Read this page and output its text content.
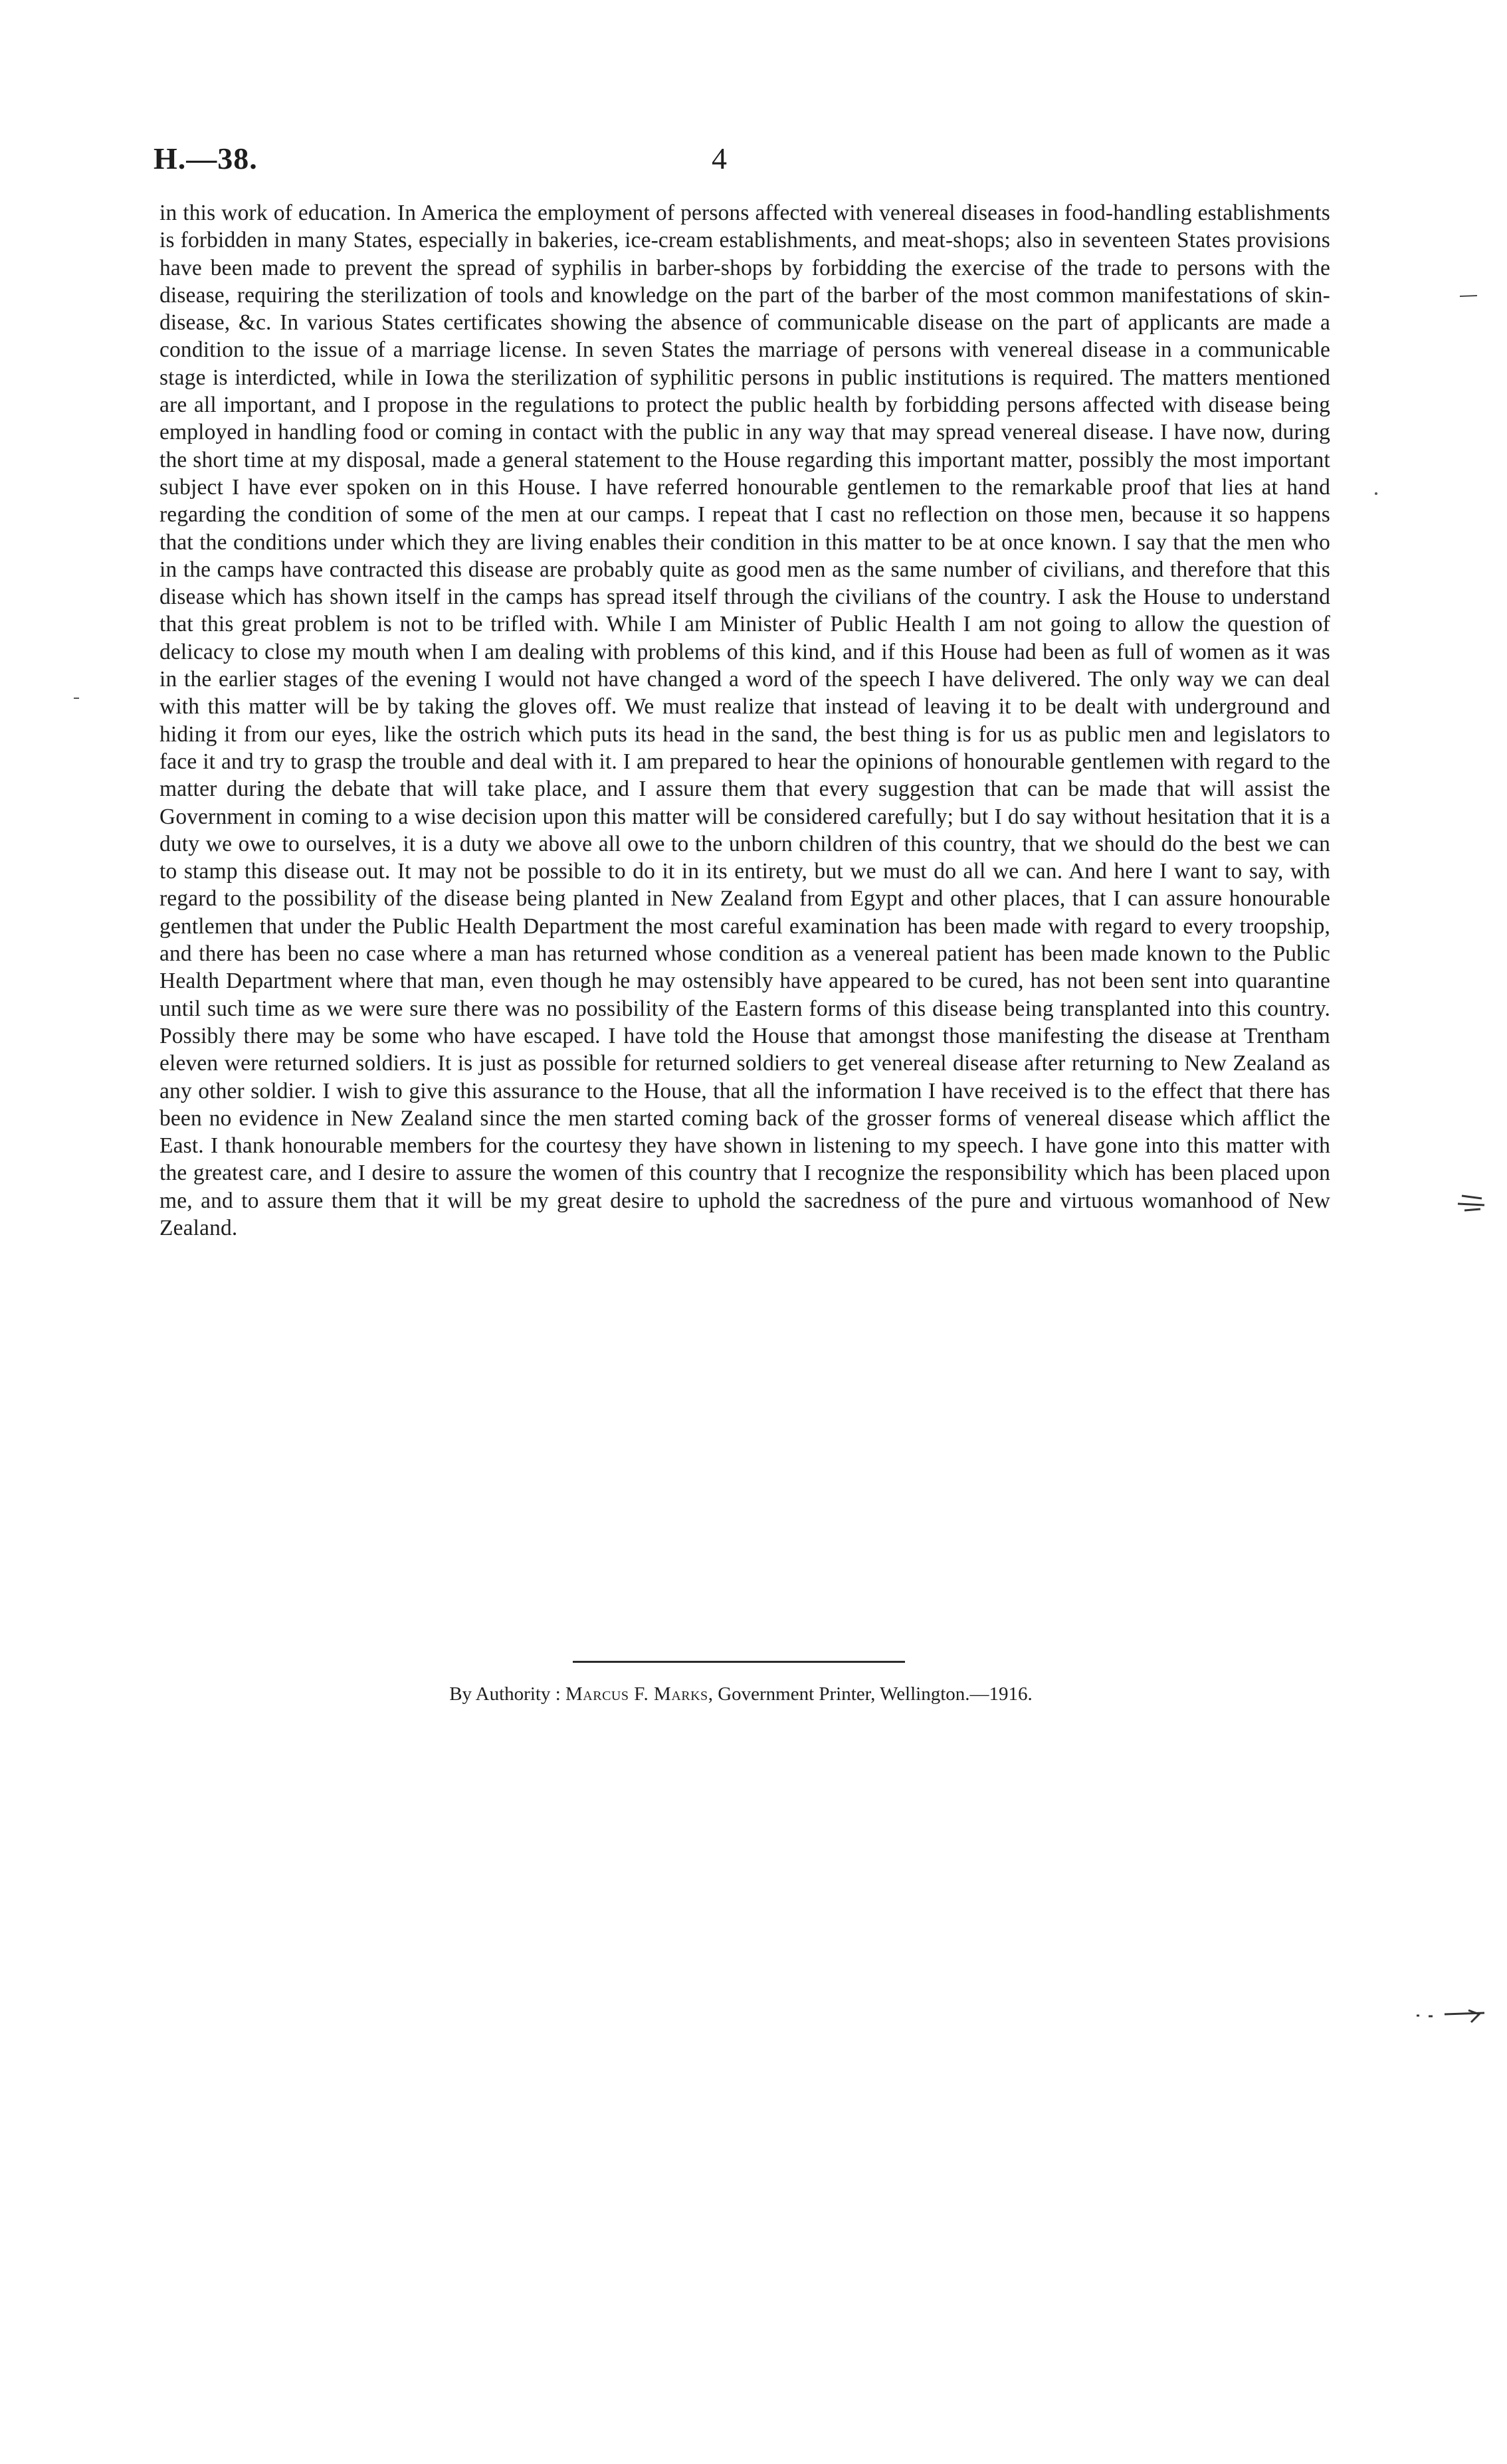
H.—38.	4

in this work of education. In America the employment of persons affected with venereal diseases in food-handling establishments is forbidden in many States, especially in bakeries, ice-cream establishments, and meat-shops; also in seventeen States provisions have been made to prevent the spread of syphilis in barber-shops by forbidding the exercise of the trade to persons with the disease, requiring the sterilization of tools and knowledge on the part of the barber of the most common manifestations of skin-disease, &c. In various States certificates showing the absence of communicable disease on the part of applicants are made a condition to the issue of a marriage license. In seven States the marriage of persons with venereal disease in a communicable stage is interdicted, while in Iowa the sterilization of syphilitic persons in public institutions is required. The matters mentioned are all important, and I propose in the regulations to protect the public health by forbidding persons affected with disease being employed in handling food or coming in contact with the public in any way that may spread venereal disease. I have now, during the short time at my disposal, made a general statement to the House regarding this important matter, possibly the most important subject I have ever spoken on in this House. I have referred honourable gentlemen to the remarkable proof that lies at hand regarding the condition of some of the men at our camps. I repeat that I cast no reflection on those men, because it so happens that the conditions under which they are living enables their condition in this matter to be at once known. I say that the men who in the camps have contracted this disease are probably quite as good men as the same number of civilians, and therefore that this disease which has shown itself in the camps has spread itself through the civilians of the country. I ask the House to understand that this great problem is not to be trifled with. While I am Minister of Public Health I am not going to allow the question of delicacy to close my mouth when I am dealing with problems of this kind, and if this House had been as full of women as it was in the earlier stages of the evening I would not have changed a word of the speech I have delivered. The only way we can deal with this matter will be by taking the gloves off. We must realize that instead of leaving it to be dealt with underground and hiding it from our eyes, like the ostrich which puts its head in the sand, the best thing is for us as public men and legislators to face it and try to grasp the trouble and deal with it. I am prepared to hear the opinions of honourable gentlemen with regard to the matter during the debate that will take place, and I assure them that every suggestion that can be made that will assist the Government in coming to a wise decision upon this matter will be considered carefully; but I do say without hesitation that it is a duty we owe to ourselves, it is a duty we above all owe to the unborn children of this country, that we should do the best we can to stamp this disease out. It may not be possible to do it in its entirety, but we must do all we can. And here I want to say, with regard to the possibility of the disease being planted in New Zealand from Egypt and other places, that I can assure honourable gentlemen that under the Public Health Department the most careful examination has been made with regard to every troopship, and there has been no case where a man has returned whose condition as a venereal patient has been made known to the Public Health Department where that man, even though he may ostensibly have appeared to be cured, has not been sent into quarantine until such time as we were sure there was no possibility of the Eastern forms of this disease being transplanted into this country. Possibly there may be some who have escaped. I have told the House that amongst those manifesting the disease at Trentham eleven were returned soldiers. It is just as possible for returned soldiers to get venereal disease after returning to New Zealand as any other soldier. I wish to give this assurance to the House, that all the information I have received is to the effect that there has been no evidence in New Zealand since the men started coming back of the grosser forms of venereal disease which afflict the East. I thank honourable members for the courtesy they have shown in listening to my speech. I have gone into this matter with the greatest care, and I desire to assure the women of this country that I recognize the responsibility which has been placed upon me, and to assure them that it will be my great desire to uphold the sacredness of the pure and virtuous womanhood of New Zealand.

By Authority : Marcus F. Marks, Government Printer, Wellington.—1916.
